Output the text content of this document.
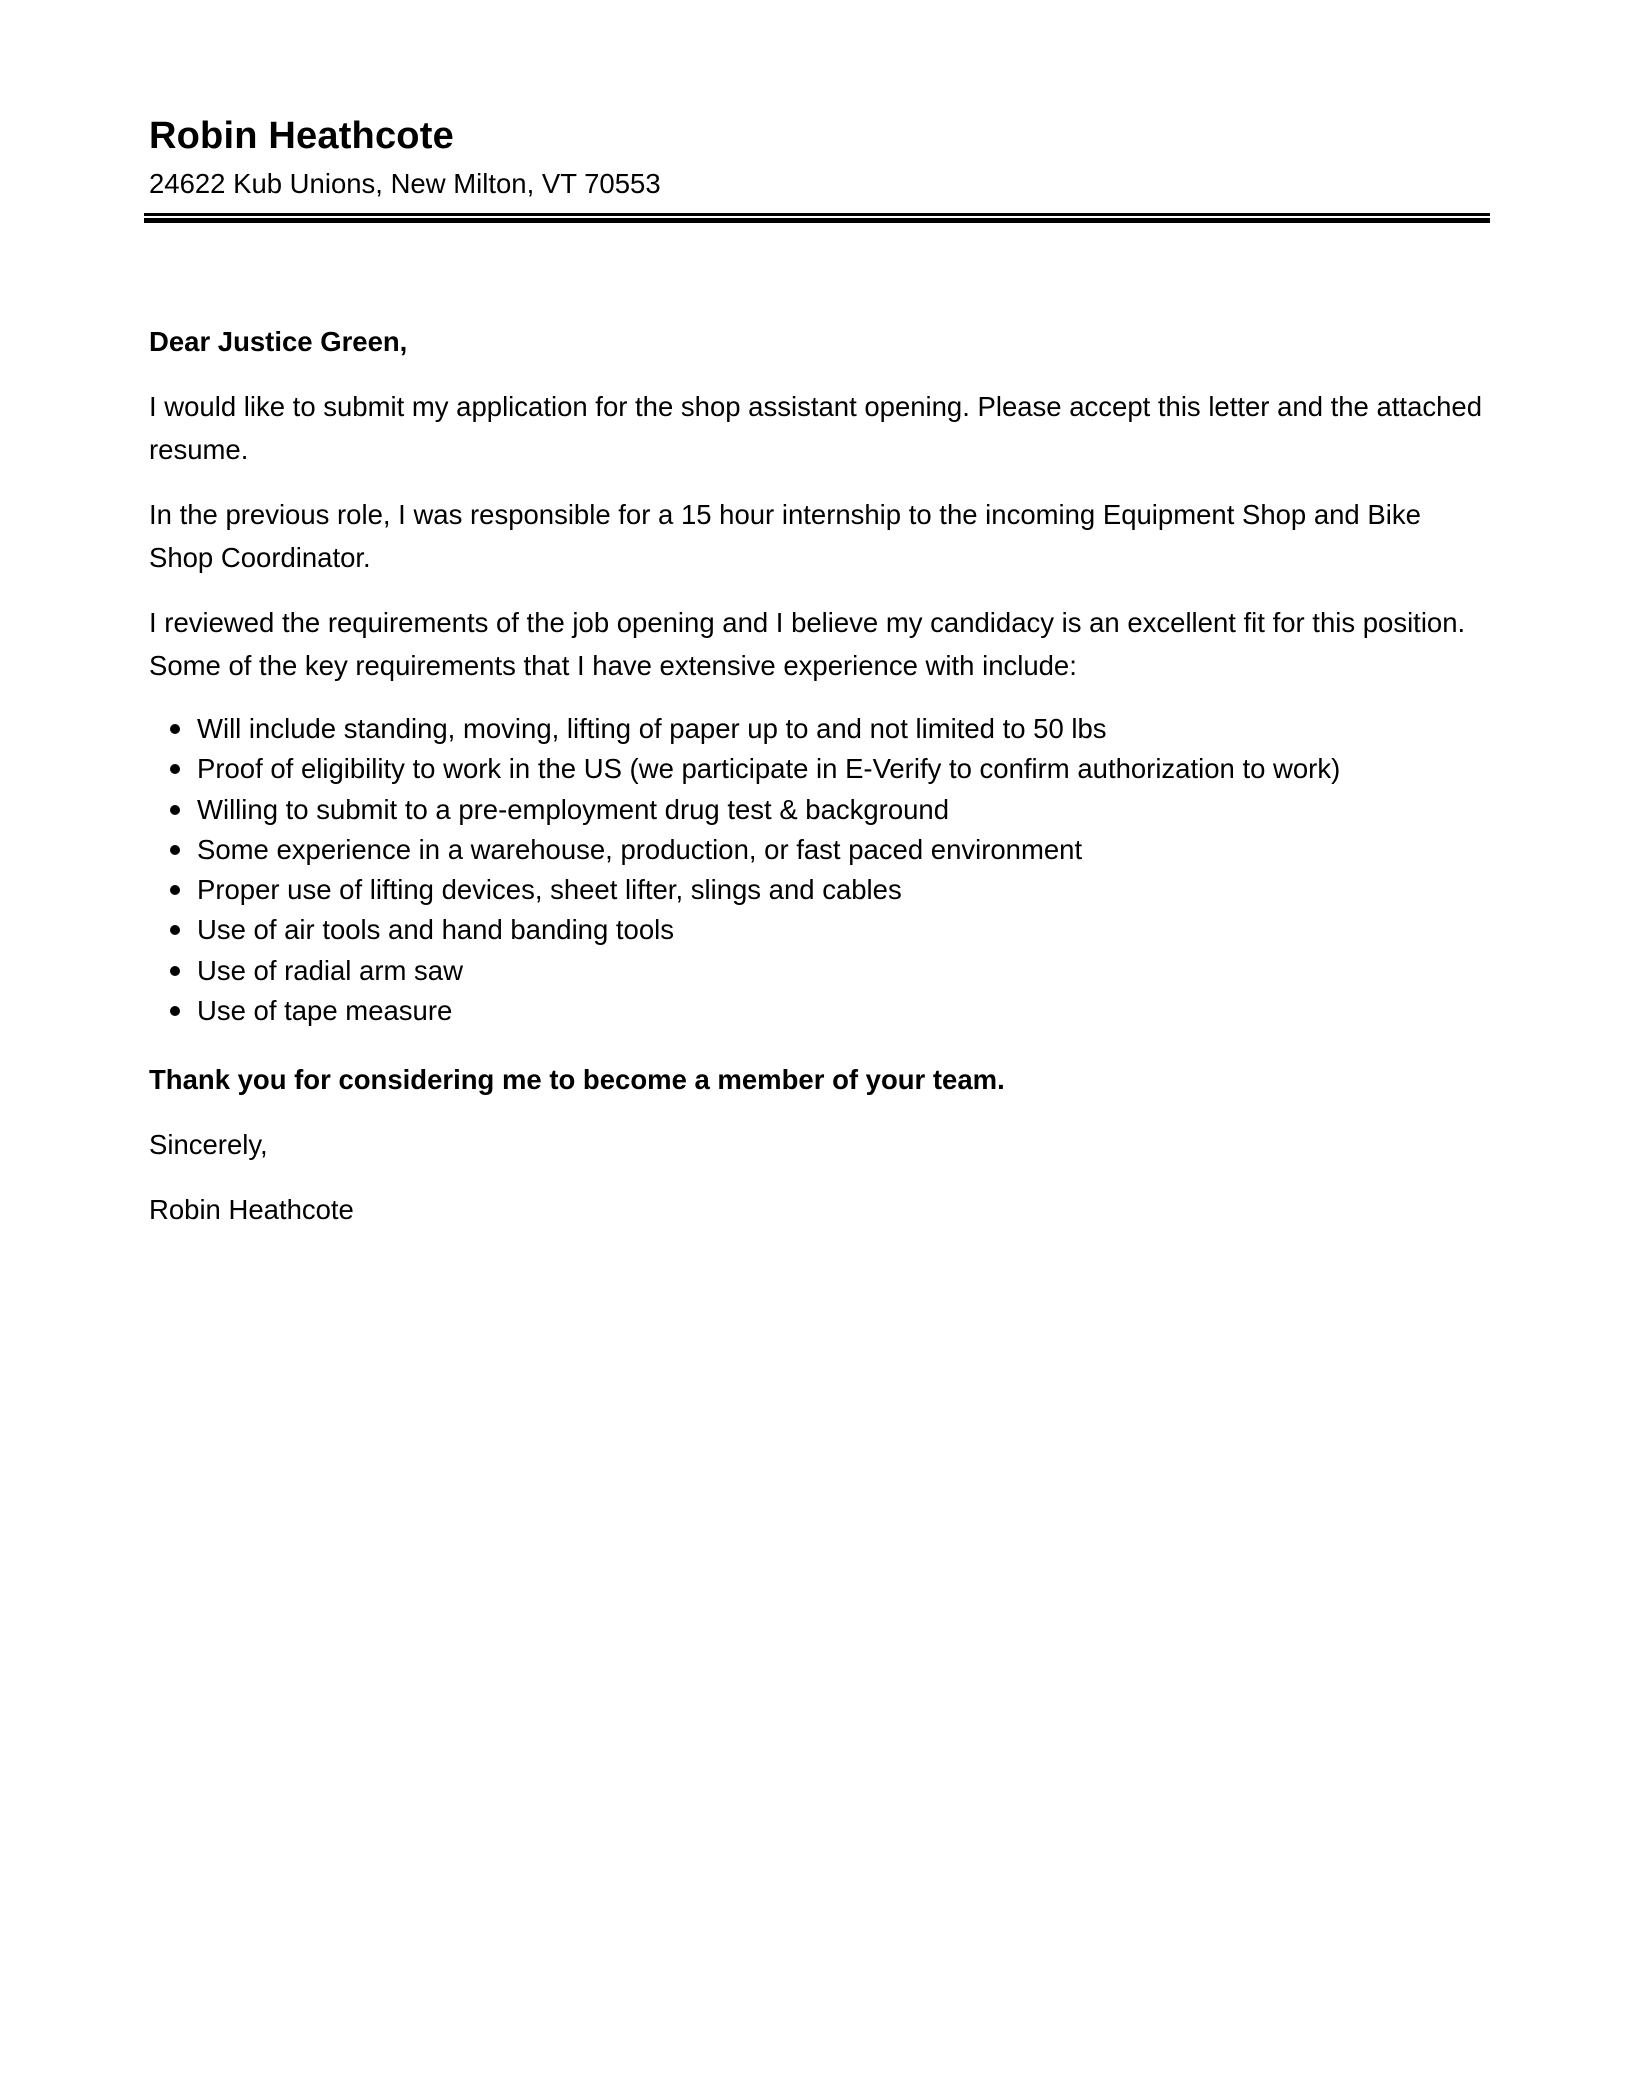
Robin Heathcote

24622 Kub Unions, New Milton, VT 70553

Dear Justice Green,

I would like to submit my application for the shop assistant opening. Please accept this letter and the attached resume.

In the previous role, I was responsible for a 15 hour internship to the incoming Equipment Shop and Bike Shop Coordinator.

I reviewed the requirements of the job opening and I believe my candidacy is an excellent fit for this position. Some of the key requirements that I have extensive experience with include:

Will include standing, moving, lifting of paper up to and not limited to 50 lbs
Proof of eligibility to work in the US (we participate in E-Verify to confirm authorization to work)
Willing to submit to a pre-employment drug test & background
Some experience in a warehouse, production, or fast paced environment
Proper use of lifting devices, sheet lifter, slings and cables
Use of air tools and hand banding tools
Use of radial arm saw
Use of tape measure

Thank you for considering me to become a member of your team.

Sincerely,

Robin Heathcote
